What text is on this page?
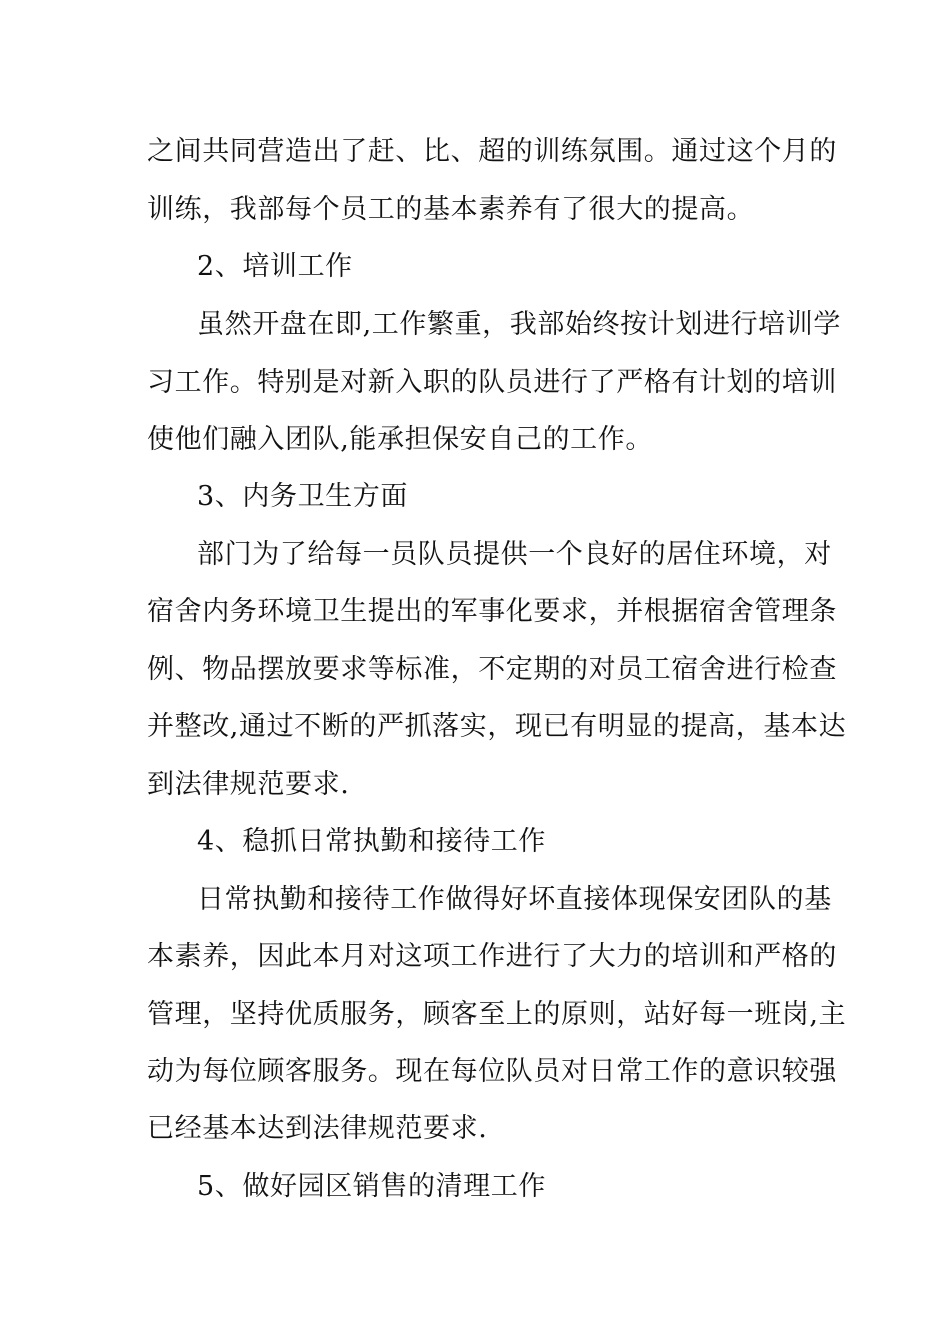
之间共同营造出了赶、比、超的训练氛围。通过这个月的
训练，我部每个员工的基本素养有了很大的提高。
2、培训工作
虽然开盘在即,工作繁重，我部始终按计划进行培训学
习工作。特别是对新入职的队员进行了严格有计划的培训
使他们融入团队,能承担保安自己的工作。
3、内务卫生方面
部门为了给每一员队员提供一个良好的居住环境，对
宿舍内务环境卫生提出的军事化要求，并根据宿舍管理条
例、物品摆放要求等标准，不定期的对员工宿舍进行检查
并整改,通过不断的严抓落实，现已有明显的提高，基本达
到法律规范要求.
4、稳抓日常执勤和接待工作
日常执勤和接待工作做得好坏直接体现保安团队的基
本素养，因此本月对这项工作进行了大力的培训和严格的
管理，坚持优质服务，顾客至上的原则，站好每一班岗,主
动为每位顾客服务。现在每位队员对日常工作的意识较强
已经基本达到法律规范要求.
5、做好园区销售的清理工作
